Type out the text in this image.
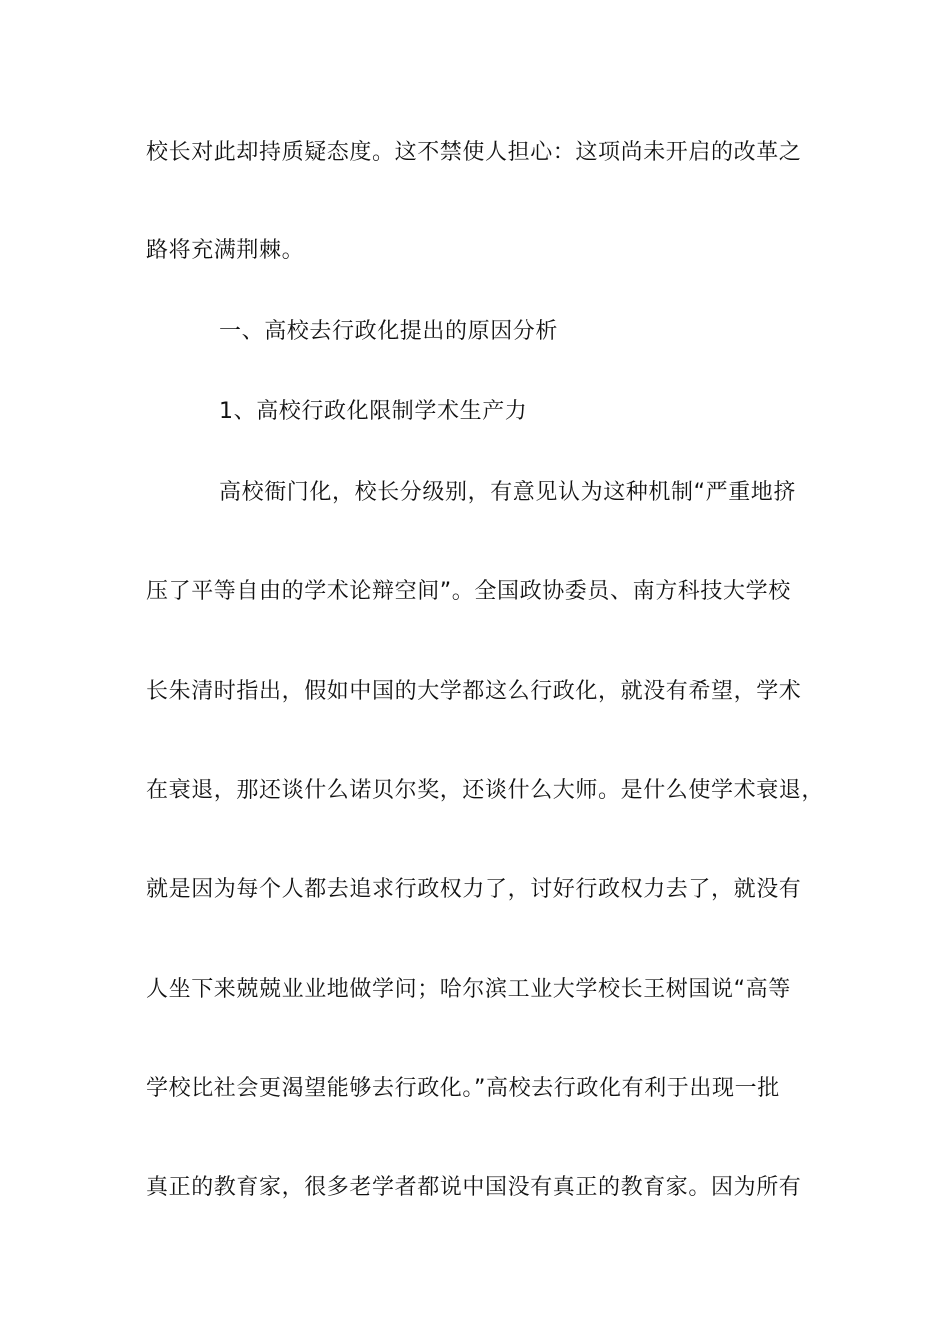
校长对此却持质疑态度。这不禁使人担心：这项尚未开启的改革之
路将充满荆棘。
一、高校去行政化提出的原因分析
1、高校行政化限制学术生产力
高校衙门化，校长分级别，有意见认为这种机制“严重地挤
压了平等自由的学术论辩空间”。全国政协委员、南方科技大学校
长朱清时指出，假如中国的大学都这么行政化，就没有希望，学术
在衰退，那还谈什么诺贝尔奖，还谈什么大师。是什么使学术衰退，
就是因为每个人都去追求行政权力了，讨好行政权力去了，就没有
人坐下来兢兢业业地做学问；哈尔滨工业大学校长王树国说“高等
学校比社会更渴望能够去行政化。”高校去行政化有利于出现一批
真正的教育家，很多老学者都说中国没有真正的教育家。因为所有
